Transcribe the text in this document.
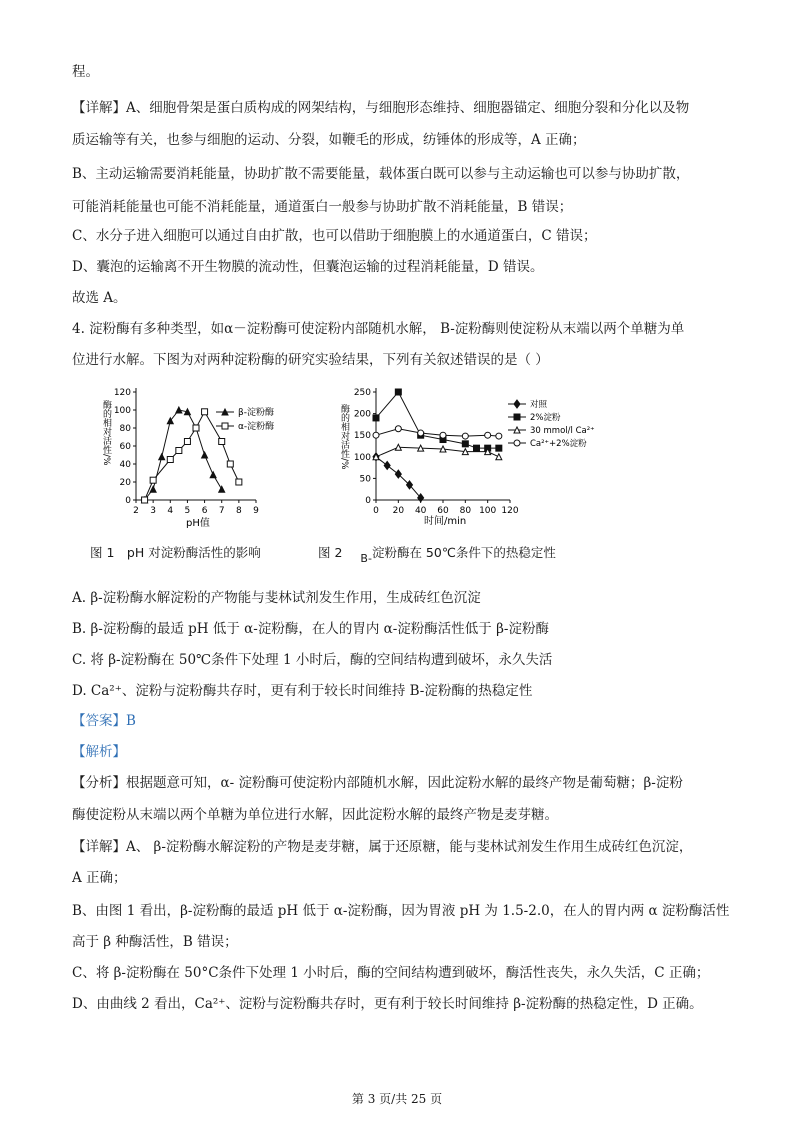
程。
【详解】A、细胞骨架是蛋白质构成的网架结构，与细胞形态维持、细胞器锚定、细胞分裂和分化以及物
质运输等有关，也参与细胞的运动、分裂，如鞭毛的形成，纺锤体的形成等，A 正确；
B、主动运输需要消耗能量，协助扩散不需要能量，载体蛋白既可以参与主动运输也可以参与协助扩散，
可能消耗能量也可能不消耗能量，通道蛋白一般参与协助扩散不消耗能量，B 错误；
C、水分子进入细胞可以通过自由扩散，也可以借助于细胞膜上的水通道蛋白，C 错误；
D、囊泡的运输离不开生物膜的流动性，但囊泡运输的过程消耗能量，D 错误。
故选 A。
4. 淀粉酶有多种类型，如α－淀粉酶可使淀粉内部随机水解， B-淀粉酶则使淀粉从末端以两个单糖为单
位进行水解。下图为对两种淀粉酶的研究实验结果，下列有关叙述错误的是（ ）
0
20
40
60
80
100
120
2 3 4 5 6 7 8 9
β-淀粉酶
α-淀粉酶
酶的相对活性/%
pH值
0
50
100
150
200
250
0 20 40 60 80 100 120
对照
2%淀粉
30 mmol/l Ca²⁺
Ca²⁺+2%淀粉
酶的相对活性/%
时间/min
图 1　pH 对淀粉酶活性的影响	图 2 B-淀粉酶在 50℃条件下的热稳定性
A. β-淀粉酶水解淀粉的产物能与斐林试剂发生作用，生成砖红色沉淀
B. β-淀粉酶的最适 pH 低于 α-淀粉酶，在人的胃内 α-淀粉酶活性低于 β-淀粉酶
C. 将 β-淀粉酶在 50℃条件下处理 1 小时后，酶的空间结构遭到破坏，永久失活
D. Ca²⁺、淀粉与淀粉酶共存时，更有利于较长时间维持 B-淀粉酶的热稳定性
【答案】B
【解析】
【分析】根据题意可知，α- 淀粉酶可使淀粉内部随机水解，因此淀粉水解的最终产物是葡萄糖；β-淀粉
酶使淀粉从末端以两个单糖为单位进行水解，因此淀粉水解的最终产物是麦芽糖。
【详解】A、 β-淀粉酶水解淀粉的产物是麦芽糖，属于还原糖，能与斐林试剂发生作用生成砖红色沉淀，
A 正确；
B、由图 1 看出，β-淀粉酶的最适 pH 低于 α-淀粉酶，因为胃液 pH 为 1.5-2.0，在人的胃内两 α 淀粉酶活性
高于 β 种酶活性，B 错误；
C、将 β-淀粉酶在 50°C条件下处理 1 小时后，酶的空间结构遭到破坏，酶活性丧失，永久失活，C 正确；
D、由曲线 2 看出，Ca²⁺、淀粉与淀粉酶共存时，更有利于较长时间维持 β-淀粉酶的热稳定性，D 正确。
第 3 页/共 25 页
